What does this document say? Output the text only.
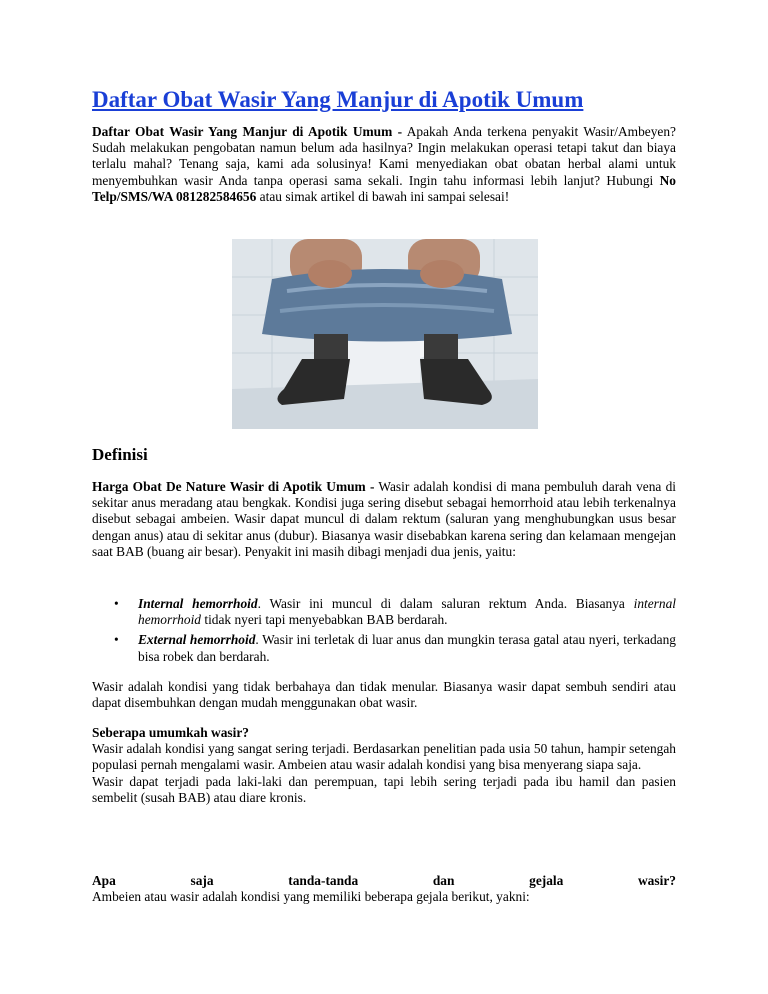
Daftar Obat Wasir Yang Manjur di Apotik Umum

Daftar Obat Wasir Yang Manjur di Apotik Umum - Apakah Anda terkena penyakit Wasir/Ambeyen? Sudah melakukan pengobatan namun belum ada hasilnya? Ingin melakukan operasi tetapi takut dan biaya terlalu mahal? Tenang saja, kami ada solusinya! Kami menyediakan obat obatan herbal alami untuk menyembuhkan wasir Anda tanpa operasi sama sekali. Ingin tahu informasi lebih lanjut? Hubungi No Telp/SMS/WA 081282584656 atau simak artikel di bawah ini sampai selesai!

Definisi

Harga Obat De Nature Wasir di Apotik Umum - Wasir adalah kondisi di mana pembuluh darah vena di sekitar anus meradang atau bengkak. Kondisi juga sering disebut sebagai hemorrhoid atau lebih terkenalnya disebut sebagai ambeien. Wasir dapat muncul di dalam rektum (saluran yang menghubungkan usus besar dengan anus) atau di sekitar anus (dubur). Biasanya wasir disebabkan karena sering dan kelamaan mengejan saat BAB (buang air besar). Penyakit ini masih dibagi menjadi dua jenis, yaitu:

• Internal hemorrhoid. Wasir ini muncul di dalam saluran rektum Anda. Biasanya internal hemorrhoid tidak nyeri tapi menyebabkan BAB berdarah.
• External hemorrhoid. Wasir ini terletak di luar anus dan mungkin terasa gatal atau nyeri, terkadang bisa robek dan berdarah.

Wasir adalah kondisi yang tidak berbahaya dan tidak menular. Biasanya wasir dapat sembuh sendiri atau dapat disembuhkan dengan mudah menggunakan obat wasir.

Seberapa umumkah wasir?
Wasir adalah kondisi yang sangat sering terjadi. Berdasarkan penelitian pada usia 50 tahun, hampir setengah populasi pernah mengalami wasir. Ambeien atau wasir adalah kondisi yang bisa menyerang siapa saja.
Wasir dapat terjadi pada laki-laki dan perempuan, tapi lebih sering terjadi pada ibu hamil dan pasien sembelit (susah BAB) atau diare kronis.

Apa	saja	tanda-tanda	dan	gejala	wasir?
Ambeien atau wasir adalah kondisi yang memiliki beberapa gejala berikut, yakni:
